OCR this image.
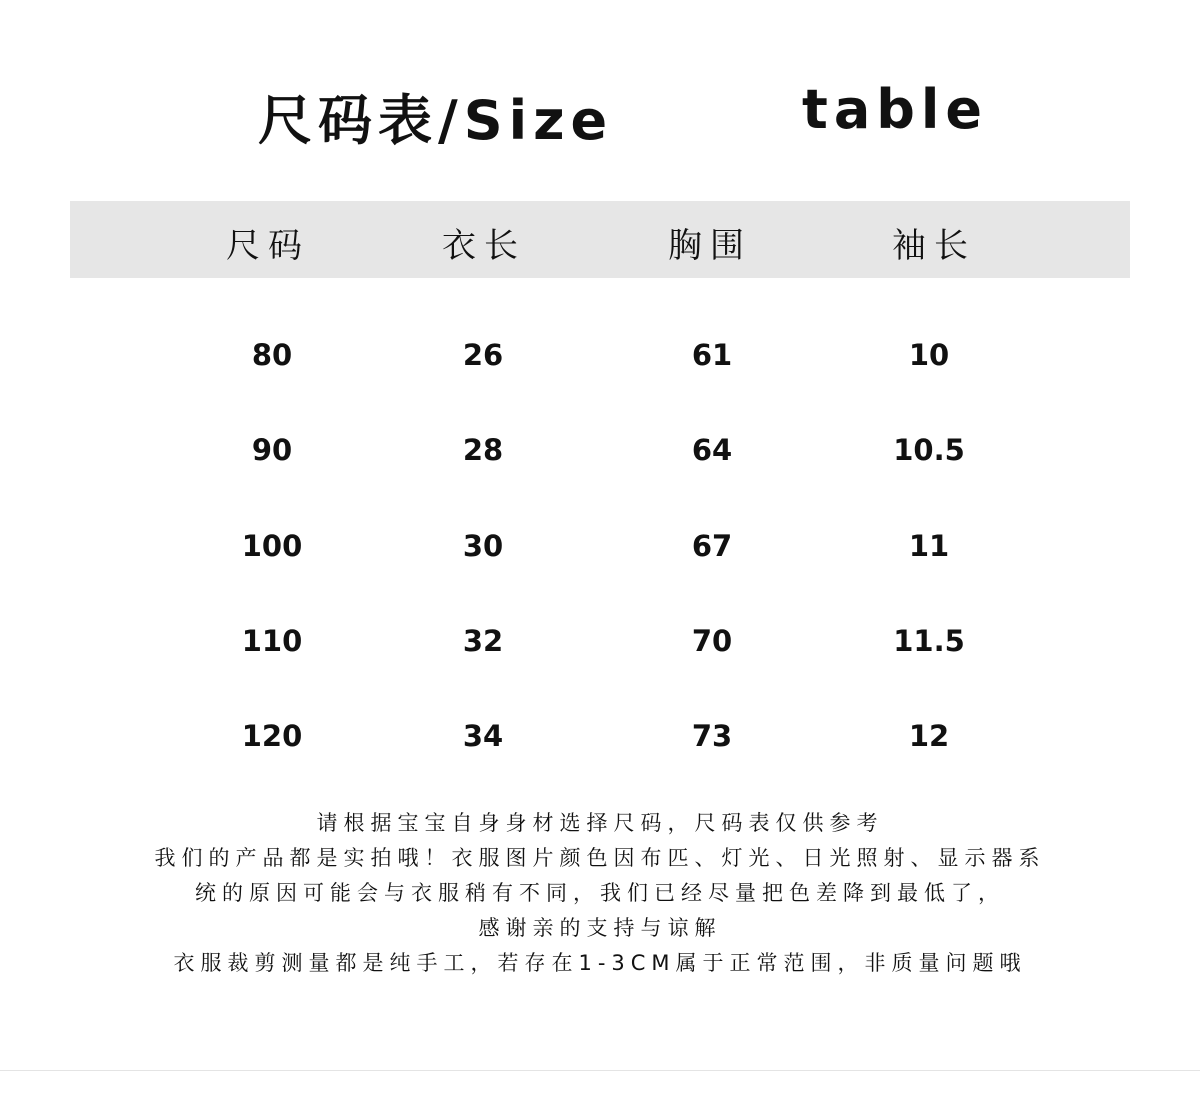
尺码表/Size	table
尺码	衣长	胸围	袖长
80	26	61	10
90	28	64	10.5
100	30	67	11
110	32	70	11.5
120	34	73	12
请根据宝宝自身身材选择尺码，尺码表仅供参考
我们的产品都是实拍哦！衣服图片颜色因布匹、灯光、日光照射、显示器系
统的原因可能会与衣服稍有不同，我们已经尽量把色差降到最低了，
感谢亲的支持与谅解
衣服裁剪测量都是纯手工，若存在1-3CM属于正常范围，非质量问题哦
